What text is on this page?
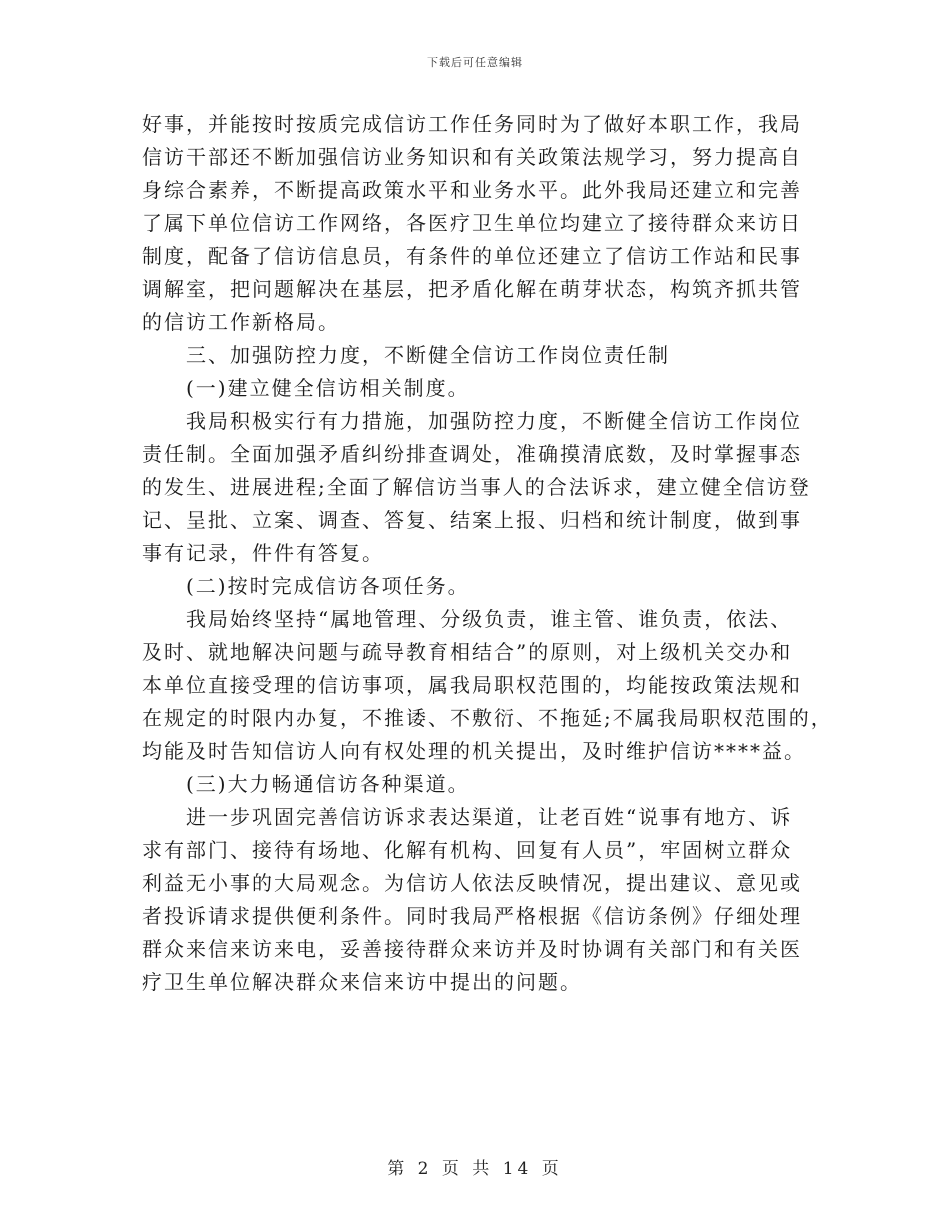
下载后可任意编辑
好事，并能按时按质完成信访工作任务同时为了做好本职工作，我局
信访干部还不断加强信访业务知识和有关政策法规学习，努力提高自
身综合素养，不断提高政策水平和业务水平。此外我局还建立和完善
了属下单位信访工作网络，各医疗卫生单位均建立了接待群众来访日
制度，配备了信访信息员，有条件的单位还建立了信访工作站和民事
调解室，把问题解决在基层，把矛盾化解在萌芽状态，构筑齐抓共管
的信访工作新格局。
三、加强防控力度，不断健全信访工作岗位责任制
(一)建立健全信访相关制度。
我局积极实行有力措施，加强防控力度，不断健全信访工作岗位
责任制。全面加强矛盾纠纷排查调处，准确摸清底数，及时掌握事态
的发生、进展进程;全面了解信访当事人的合法诉求，建立健全信访登
记、呈批、立案、调查、答复、结案上报、归档和统计制度，做到事
事有记录，件件有答复。
(二)按时完成信访各项任务。
我局始终坚持“属地管理、分级负责，谁主管、谁负责，依法、
及时、就地解决问题与疏导教育相结合”的原则，对上级机关交办和
本单位直接受理的信访事项，属我局职权范围的，均能按政策法规和
在规定的时限内办复，不推诿、不敷衍、不拖延;不属我局职权范围的，
均能及时告知信访人向有权处理的机关提出，及时维护信访****益。
(三)大力畅通信访各种渠道。
进一步巩固完善信访诉求表达渠道，让老百姓“说事有地方、诉
求有部门、接待有场地、化解有机构、回复有人员”，牢固树立群众
利益无小事的大局观念。为信访人依法反映情况，提出建议、意见或
者投诉请求提供便利条件。同时我局严格根据《信访条例》仔细处理
群众来信来访来电，妥善接待群众来访并及时协调有关部门和有关医
疗卫生单位解决群众来信来访中提出的问题。
第 2 页 共 14 页
